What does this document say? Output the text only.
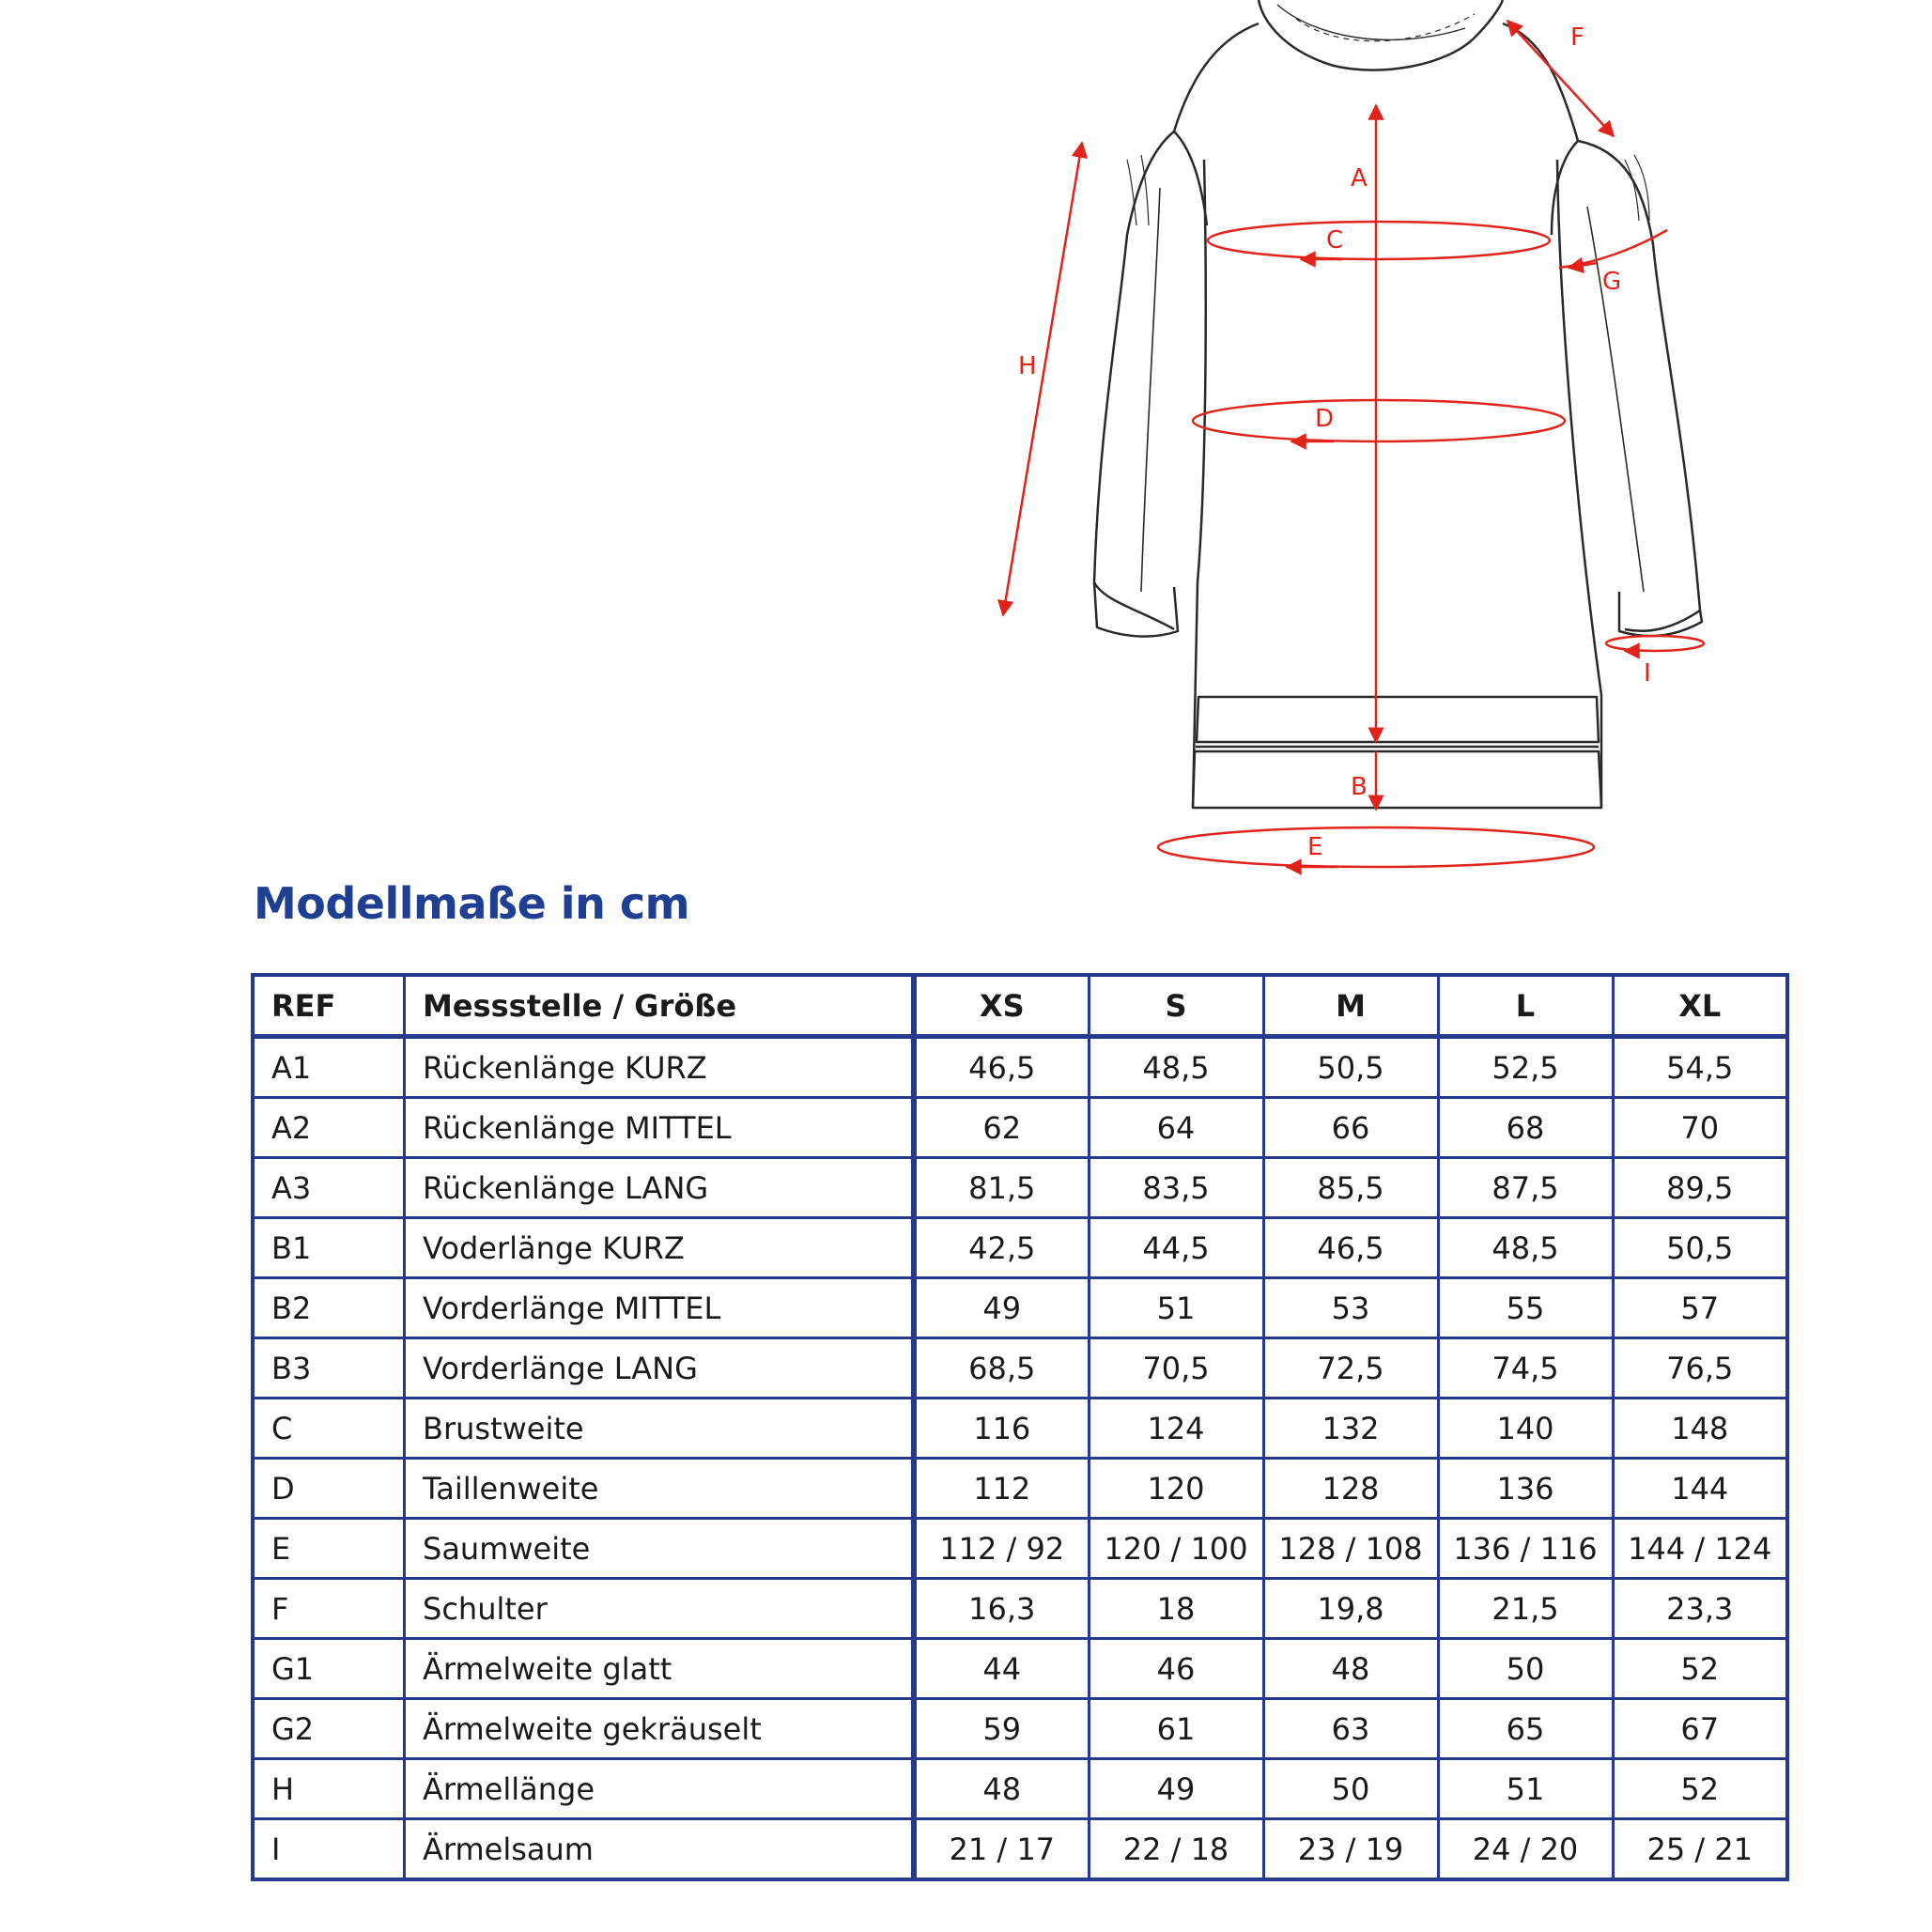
A
B
C
D
E
F
G
H
I
Modellmaße in cm
REF	Messstelle / Größe	XS	S	M	L	XL
A1	Rückenlänge KURZ	46,5	48,5	50,5	52,5	54,5
A2	Rückenlänge MITTEL	62	64	66	68	70
A3	Rückenlänge LANG	81,5	83,5	85,5	87,5	89,5
B1	Voderlänge KURZ	42,5	44,5	46,5	48,5	50,5
B2	Vorderlänge MITTEL	49	51	53	55	57
B3	Vorderlänge LANG	68,5	70,5	72,5	74,5	76,5
C	Brustweite	116	124	132	140	148
D	Taillenweite	112	120	128	136	144
E	Saumweite	112 / 92	120 / 100	128 / 108	136 / 116	144 / 124
F	Schulter	16,3	18	19,8	21,5	23,3
G1	Ärmelweite glatt	44	46	48	50	52
G2	Ärmelweite gekräuselt	59	61	63	65	67
H	Ärmellänge	48	49	50	51	52
I	Ärmelsaum	21 / 17	22 / 18	23 / 19	24 / 20	25 / 21
